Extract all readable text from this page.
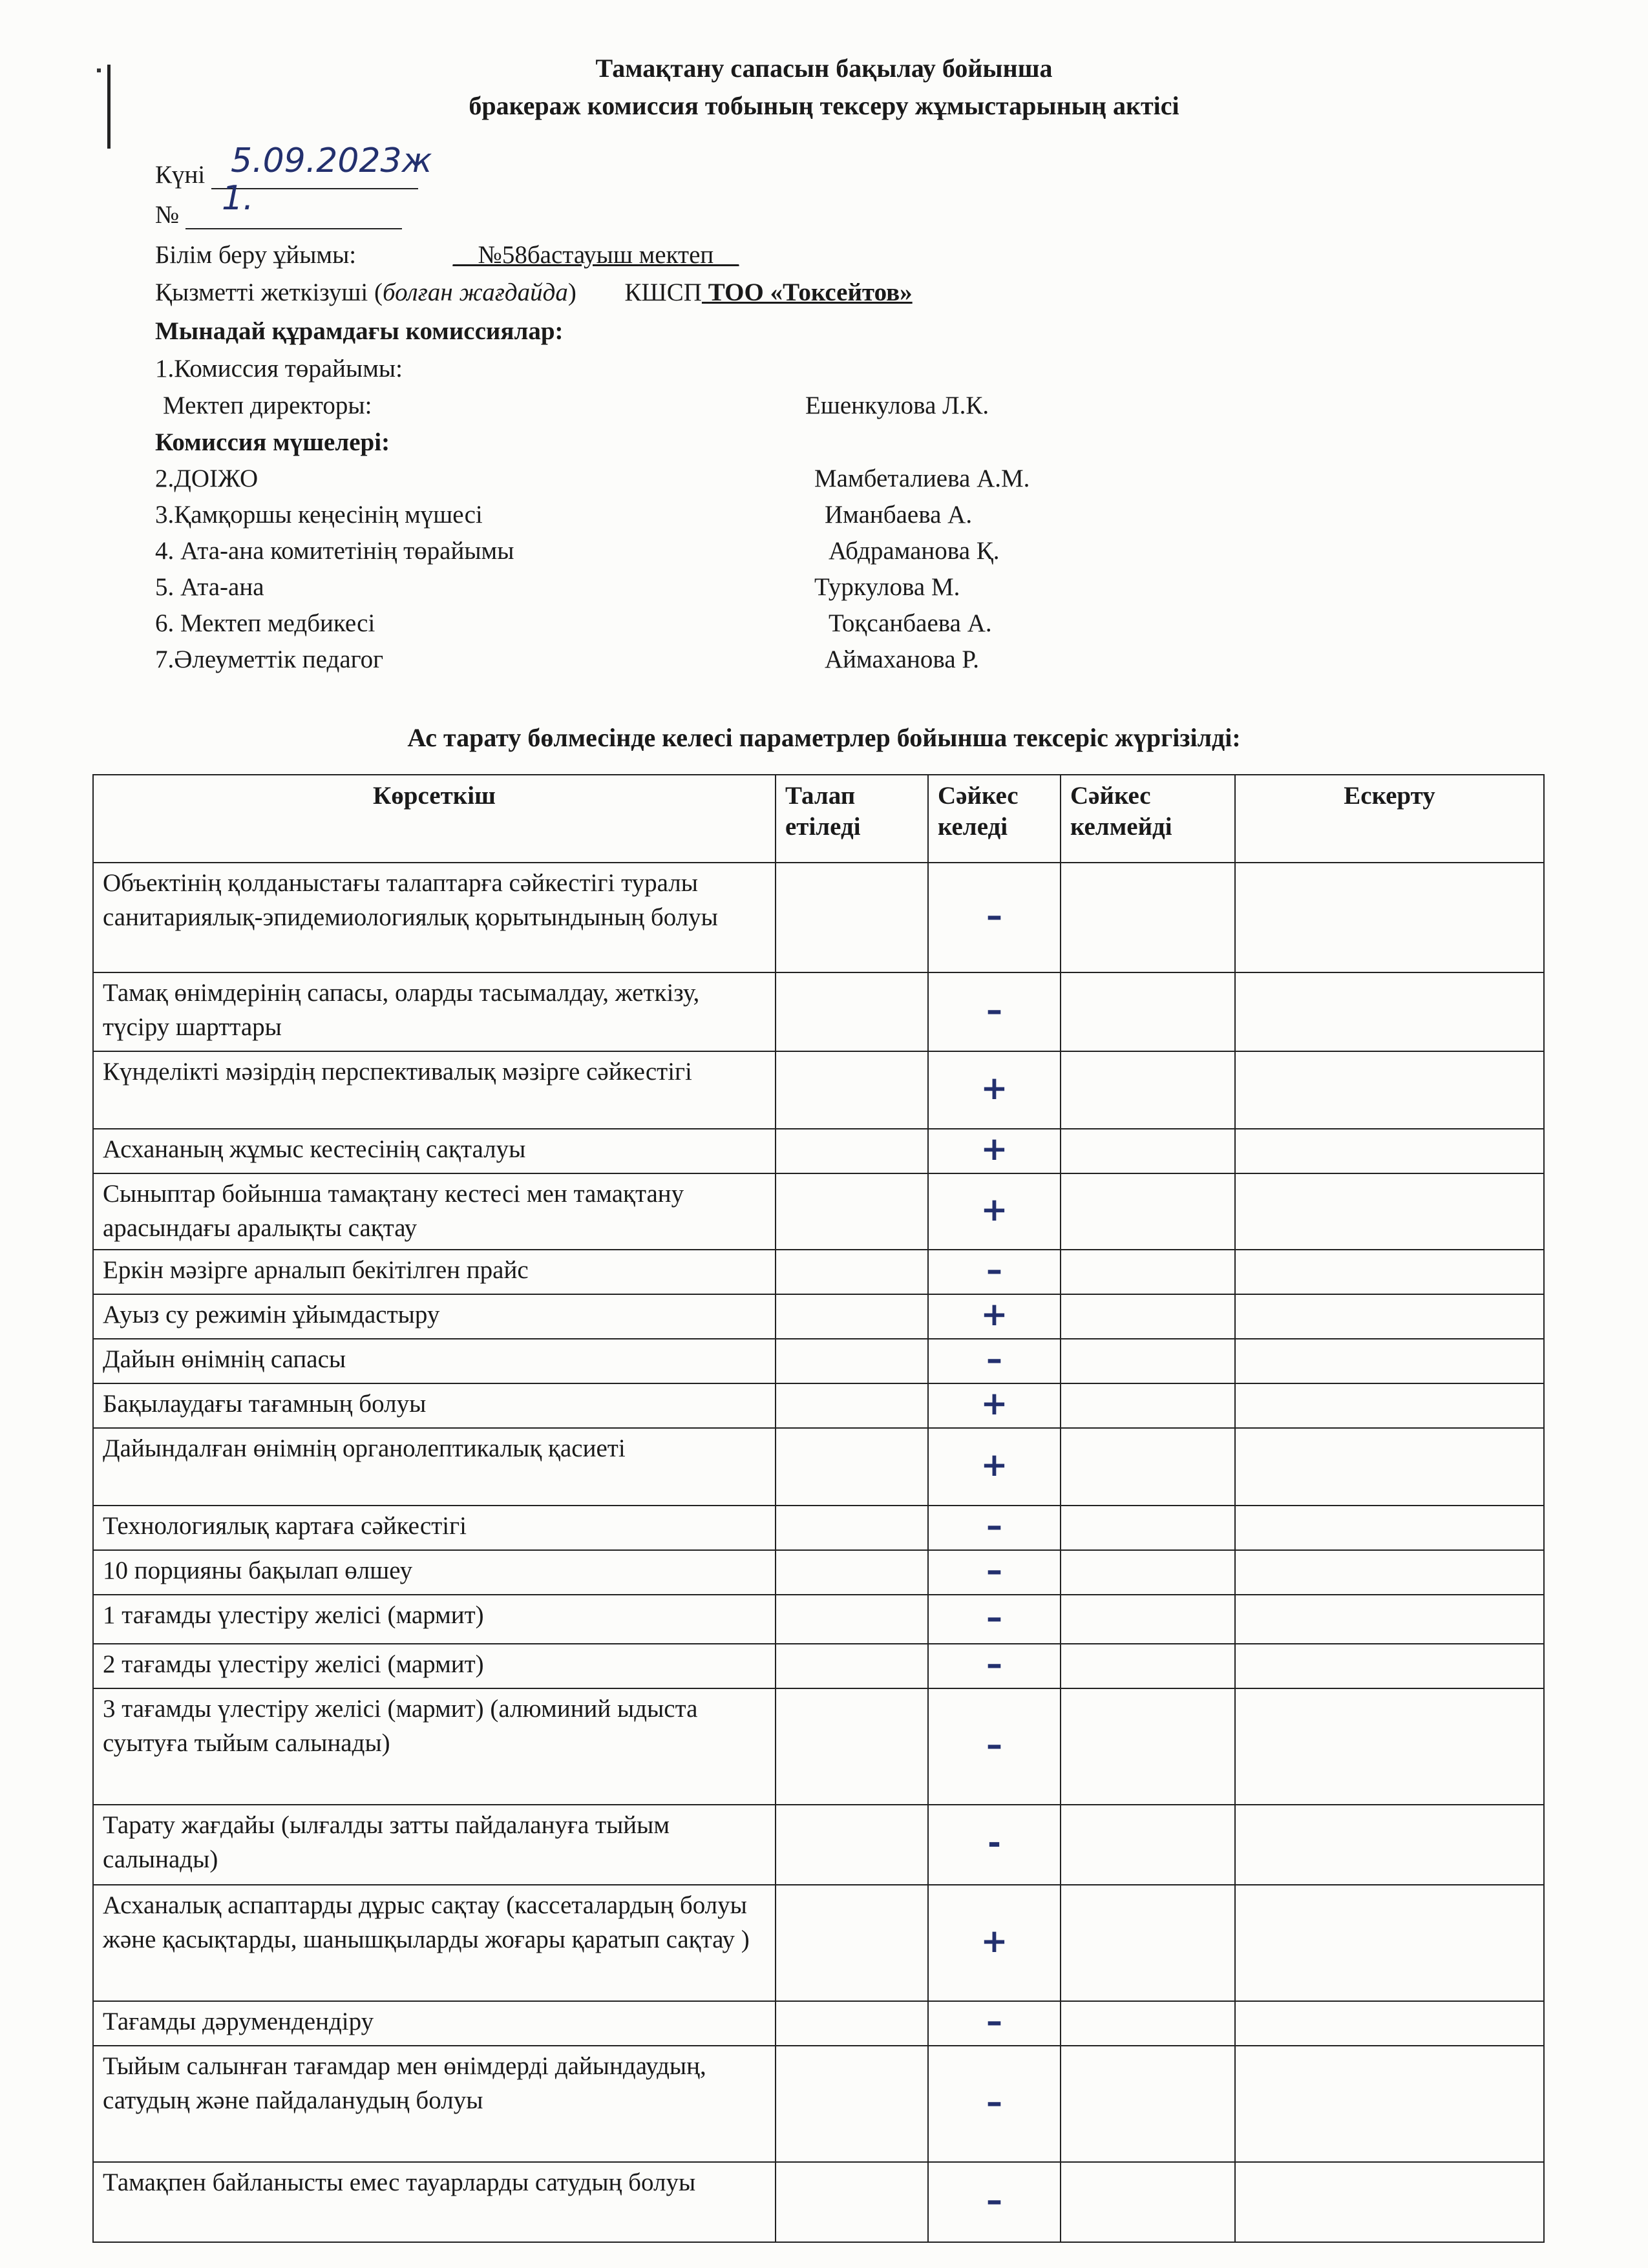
Тамақтану сапасын бақылау бойынша
бракераж комиссия тобының тексеру жұмыстарының актісі
Күні 5.09.2023ж
№ 1.
Білім беру ұйымы:	__№58бастауыш мектеп__
Қызметті жеткізуші (болған жағдайда) КШСП ТОО «Токсейтов»
Мынадай құрамдағы комиссиялар:
1.Комиссия төрайымы:
Мектеп директоры:	Ешенкулова Л.К.
Комиссия мүшелері:
2.ДОІЖО	Мамбеталиева А.М.
3.Қамқоршы кеңесінің мүшесі	Иманбаева А.
4. Ата-ана комитетінің төрайымы	Абдраманова Қ.
5. Ата-ана	Туркулова М.
6. Мектеп медбикесі	Тоқсанбаева А.
7.Әлеуметтік педагог	Аймаханова Р.
Ас тарату бөлмесінде келесі параметрлер бойынша тексеріс жүргізілді:
Көрсеткіш	Талап етіледі	Сәйкес келеді	Сәйкес келмейді	Ескерту
Объектінің қолданыстағы талаптарға сәйкестігі туралы санитариялық-эпидемиологиялық қорытындының болуы		–		
Тамақ өнімдерінің сапасы, оларды тасымалдау, жеткізу, түсіру шарттары		–		
Күнделікті мәзірдің перспективалық мәзірге сәйкестігі		+		
Асхананың жұмыс кестесінің сақталуы		+		
Сыныптар бойынша тамақтану кестесі мен тамақтану арасындағы аралықты сақтау		+		
Еркін мәзірге арналып бекітілген прайс		–		
Ауыз су режимін ұйымдастыру		+		
Дайын өнімнің сапасы		–		
Бақылаудағы тағамның болуы		+		
Дайындалған өнімнің органолептикалық қасиеті		+		
Технологиялық картаға сәйкестігі		–		
10 порцияны бақылап өлшеу		–		
1 тағамды үлестіру желісі (мармит)		–		
2 тағамды үлестіру желісі (мармит)		–		
3 тағамды үлестіру желісі (мармит) (алюминий ыдыста суытуға тыйым салынады)		–		
Тарату жағдайы (ылғалды затты пайдалануға тыйым салынады)		-		
Асханалық аспаптарды дұрыс сақтау (кассеталардың болуы және қасықтарды, шанышқыларды жоғары қаратып сақтау )		+		
Тағамды дәрумендендіру		–		
Тыйым салынған тағамдар мен өнімдерді дайындаудың, сатудың және пайдаланудың болуы		–		
Тамақпен байланысты емес тауарларды сатудың болуы		–		
